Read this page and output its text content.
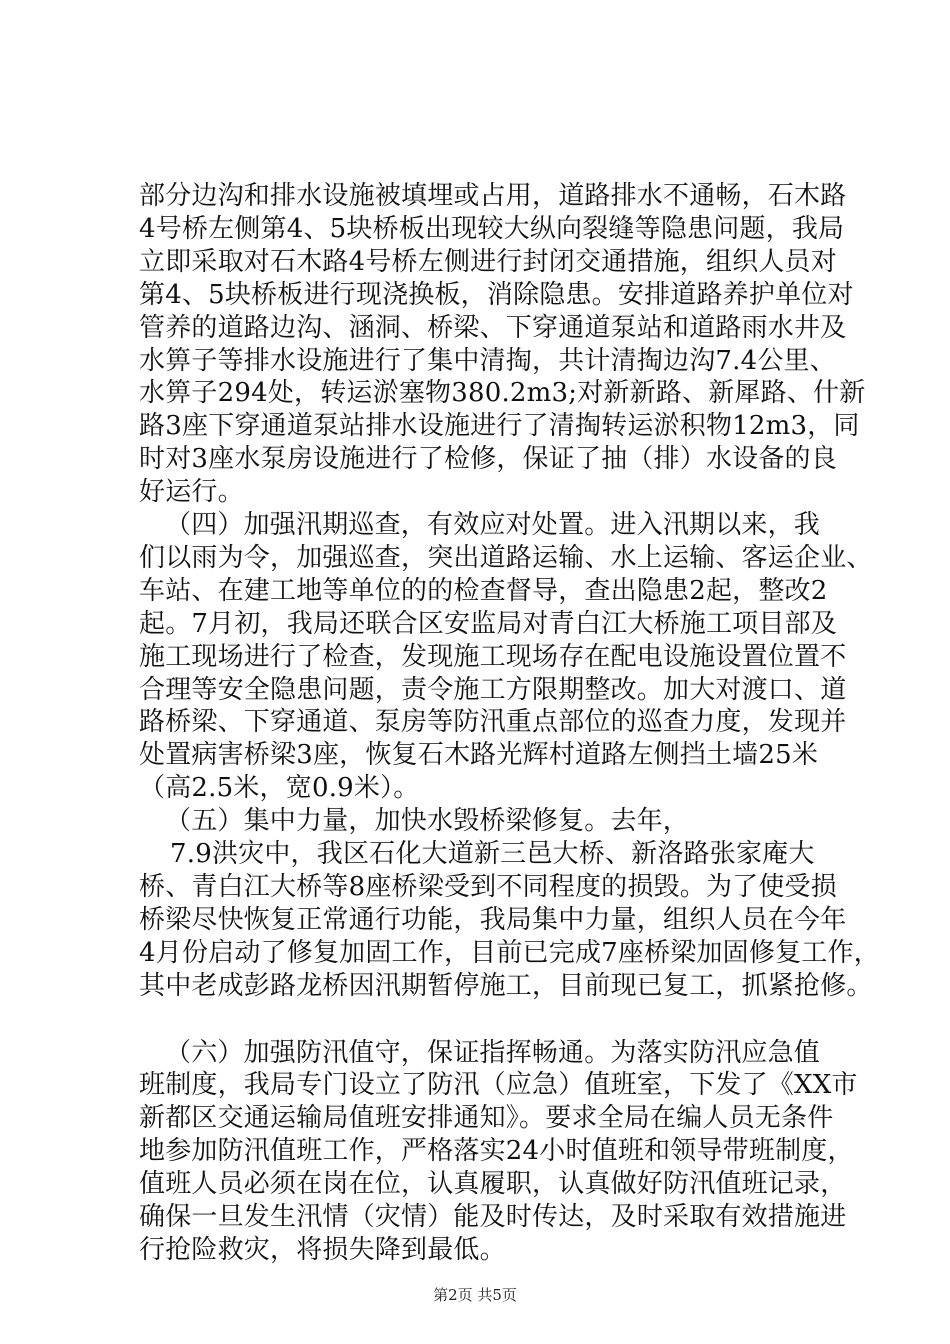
部分边沟和排水设施被填埋或占用，道路排水不通畅，石木路
4号桥左侧第4、5块桥板出现较大纵向裂缝等隐患问题，我局
立即采取对石木路4号桥左侧进行封闭交通措施，组织人员对
第4、5块桥板进行现浇换板，消除隐患。安排道路养护单位对
管养的道路边沟、涵洞、桥梁、下穿通道泵站和道路雨水井及
水箅子等排水设施进行了集中清掏，共计清掏边沟7.4公里、
水箅子294处，转运淤塞物380.2m3;对新新路、新犀路、什新
路3座下穿通道泵站排水设施进行了清掏转运淤积物12m3，同
时对3座水泵房设施进行了检修，保证了抽（排）水设备的良
好运行。
（四）加强汛期巡查，有效应对处置。进入汛期以来，我
们以雨为令，加强巡查，突出道路运输、水上运输、客运企业、
车站、在建工地等单位的的检查督导，查出隐患2起，整改2
起。7月初，我局还联合区安监局对青白江大桥施工项目部及
施工现场进行了检查，发现施工现场存在配电设施设置位置不
合理等安全隐患问题，责令施工方限期整改。加大对渡口、道
路桥梁、下穿通道、泵房等防汛重点部位的巡查力度，发现并
处置病害桥梁3座，恢复石木路光辉村道路左侧挡土墙25米
（高2.5米，宽0.9米）。
（五）集中力量，加快水毁桥梁修复。去年，
7.9洪灾中，我区石化大道新三邑大桥、新洛路张家庵大
桥、青白江大桥等8座桥梁受到不同程度的损毁。为了使受损
桥梁尽快恢复正常通行功能，我局集中力量，组织人员在今年
4月份启动了修复加固工作，目前已完成7座桥梁加固修复工作，
其中老成彭路龙桥因汛期暂停施工，目前现已复工，抓紧抢修。
（六）加强防汛值守，保证指挥畅通。为落实防汛应急值
班制度，我局专门设立了防汛（应急）值班室，下发了《XX市
新都区交通运输局值班安排通知》。要求全局在编人员无条件
地参加防汛值班工作，严格落实24小时值班和领导带班制度，
值班人员必须在岗在位，认真履职，认真做好防汛值班记录，
确保一旦发生汛情（灾情）能及时传达，及时采取有效措施进
行抢险救灾，将损失降到最低。
第2页 共5页
